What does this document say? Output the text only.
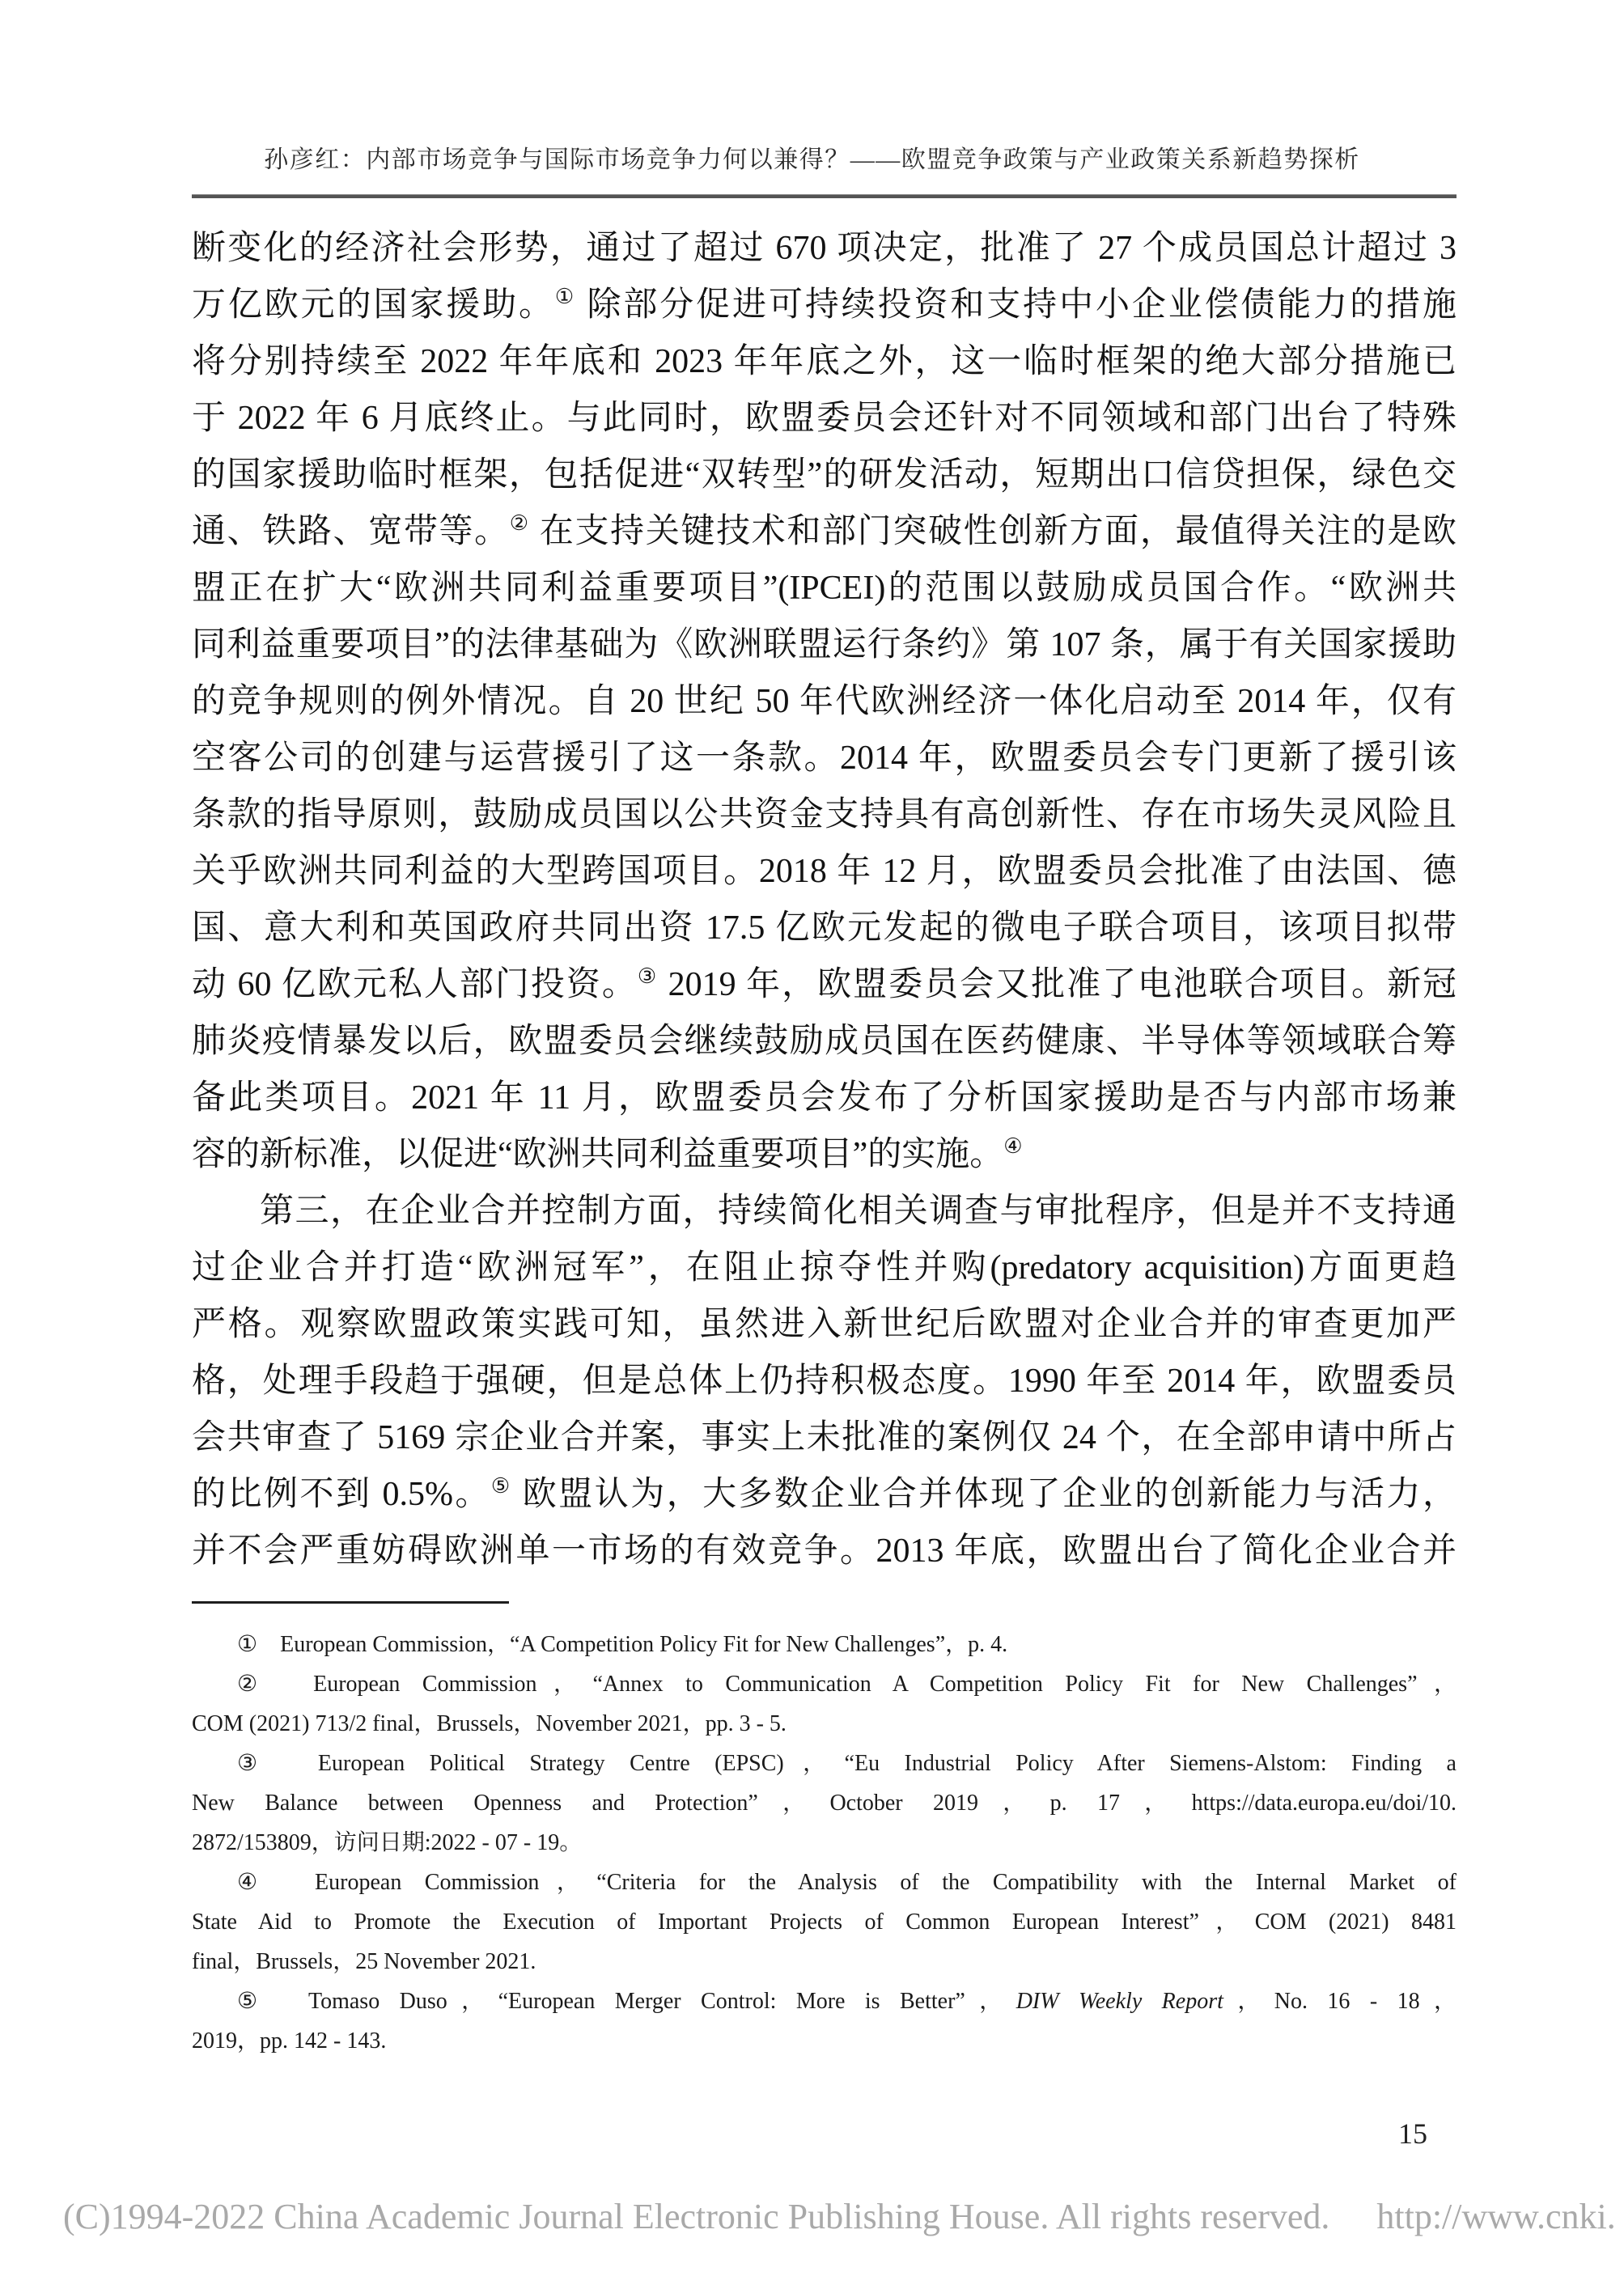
孙彦红：内部市场竞争与国际市场竞争力何以兼得？——欧盟竞争政策与产业政策关系新趋势探析
断变化的经济社会形势，通过了超过 670 项决定，批准了 27 个成员国总计超过 3
万亿欧元的国家援助。① 除部分促进可持续投资和支持中小企业偿债能力的措施
将分别持续至 2022 年年底和 2023 年年底之外，这一临时框架的绝大部分措施已
于 2022 年 6 月底终止。与此同时，欧盟委员会还针对不同领域和部门出台了特殊
的国家援助临时框架，包括促进“双转型”的研发活动，短期出口信贷担保，绿色交
通、铁路、宽带等。② 在支持关键技术和部门突破性创新方面，最值得关注的是欧
盟正在扩大“欧洲共同利益重要项目”(IPCEI)的范围以鼓励成员国合作。“欧洲共
同利益重要项目”的法律基础为《欧洲联盟运行条约》第 107 条，属于有关国家援助
的竞争规则的例外情况。自 20 世纪 50 年代欧洲经济一体化启动至 2014 年，仅有
空客公司的创建与运营援引了这一条款。2014 年，欧盟委员会专门更新了援引该
条款的指导原则，鼓励成员国以公共资金支持具有高创新性、存在市场失灵风险且
关乎欧洲共同利益的大型跨国项目。2018 年 12 月，欧盟委员会批准了由法国、德
国、意大利和英国政府共同出资 17.5 亿欧元发起的微电子联合项目，该项目拟带
动 60 亿欧元私人部门投资。③ 2019 年，欧盟委员会又批准了电池联合项目。新冠
肺炎疫情暴发以后，欧盟委员会继续鼓励成员国在医药健康、半导体等领域联合筹
备此类项目。2021 年 11 月，欧盟委员会发布了分析国家援助是否与内部市场兼
容的新标准，以促进“欧洲共同利益重要项目”的实施。④
第三，在企业合并控制方面，持续简化相关调查与审批程序，但是并不支持通
过企业合并打造“欧洲冠军”，在阻止掠夺性并购(predatory acquisition)方面更趋
严格。观察欧盟政策实践可知，虽然进入新世纪后欧盟对企业合并的审查更加严
格，处理手段趋于强硬，但是总体上仍持积极态度。1990 年至 2014 年，欧盟委员
会共审查了 5169 宗企业合并案，事实上未批准的案例仅 24 个，在全部申请中所占
的比例不到 0.5%。⑤ 欧盟认为，大多数企业合并体现了企业的创新能力与活力，
并不会严重妨碍欧洲单一市场的有效竞争。2013 年底，欧盟出台了简化企业合并
①　European Commission，“A Competition Policy Fit for New Challenges”，p. 4.
②　European Commission，“Annex to Communication A Competition Policy Fit for New Challenges”，
COM (2021) 713/2 final，Brussels，November 2021，pp. 3 - 5.
③　European Political Strategy Centre (EPSC)，“Eu Industrial Policy After Siemens-Alstom: Finding a
New Balance between Openness and Protection”，October 2019，p. 17，https://data.europa.eu/doi/10.
2872/153809，访问日期:2022 - 07 - 19。
④　European Commission，“Criteria for the Analysis of the Compatibility with the Internal Market of
State Aid to Promote the Execution of Important Projects of Common European Interest”，COM (2021) 8481
final，Brussels，25 November 2021.
⑤　Tomaso Duso，“European Merger Control: More is Better”，DIW Weekly Report，No. 16 - 18，
2019，pp. 142 - 143.
15
(C)1994-2022 China Academic Journal Electronic Publishing House. All rights reserved. http://www.cnki.
